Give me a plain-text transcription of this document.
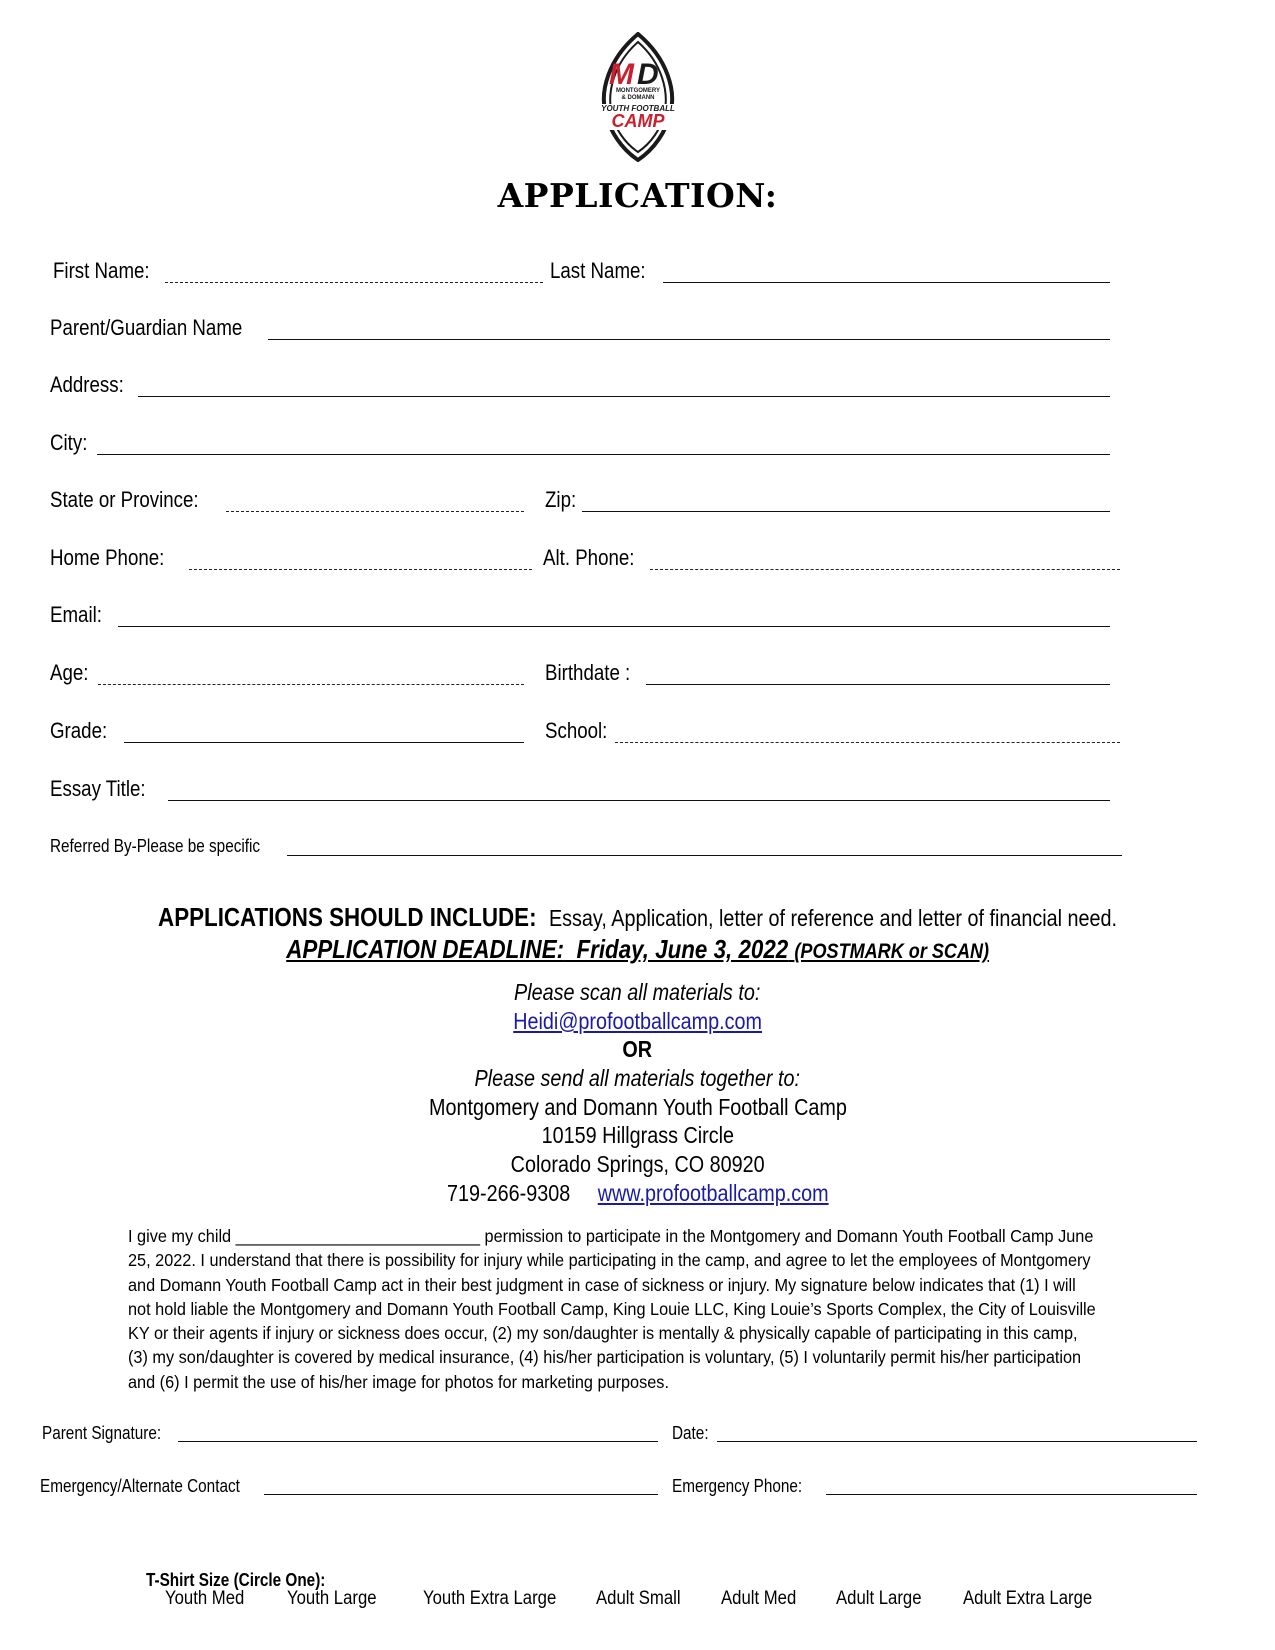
M D
MONTGOMERY
& DOMANN
YOUTH FOOTBALL
CAMP
APPLICATION:
First Name:	Last Name:
Parent/Guardian Name
Address:
City:
State or Province:	Zip:
Home Phone:	Alt. Phone:
Email:
Age:	Birthdate :
Grade:	School:
Essay Title:
Referred By-Please be specific
APPLICATIONS SHOULD INCLUDE: Essay, Application, letter of reference and letter of financial need.
APPLICATION DEADLINE: Friday, June 3, 2022 (POSTMARK or SCAN)
Please scan all materials to:
Heidi@profootballcamp.com
OR
Please send all materials together to:
Montgomery and Domann Youth Football Camp
10159 Hillgrass Circle
Colorado Springs, CO 80920
719-266-9308 www.profootballcamp.com
I give my child ___________________________ permission to participate in the Montgomery and Domann Youth Football Camp June
25, 2022. I understand that there is possibility for injury while participating in the camp, and agree to let the employees of Montgomery
and Domann Youth Football Camp act in their best judgment in case of sickness or injury. My signature below indicates that (1) I will
not hold liable the Montgomery and Domann Youth Football Camp, King Louie LLC, King Louie’s Sports Complex, the City of Louisville
KY or their agents if injury or sickness does occur, (2) my son/daughter is mentally & physically capable of participating in this camp,
(3) my son/daughter is covered by medical insurance, (4) his/her participation is voluntary, (5) I voluntarily permit his/her participation
and (6) I permit the use of his/her image for photos for marketing purposes.
Parent Signature:	Date:
Emergency/Alternate Contact	Emergency Phone:
T-Shirt Size (Circle One):
Youth Med Youth Large Youth Extra Large Adult Small Adult Med Adult Large Adult Extra Large
